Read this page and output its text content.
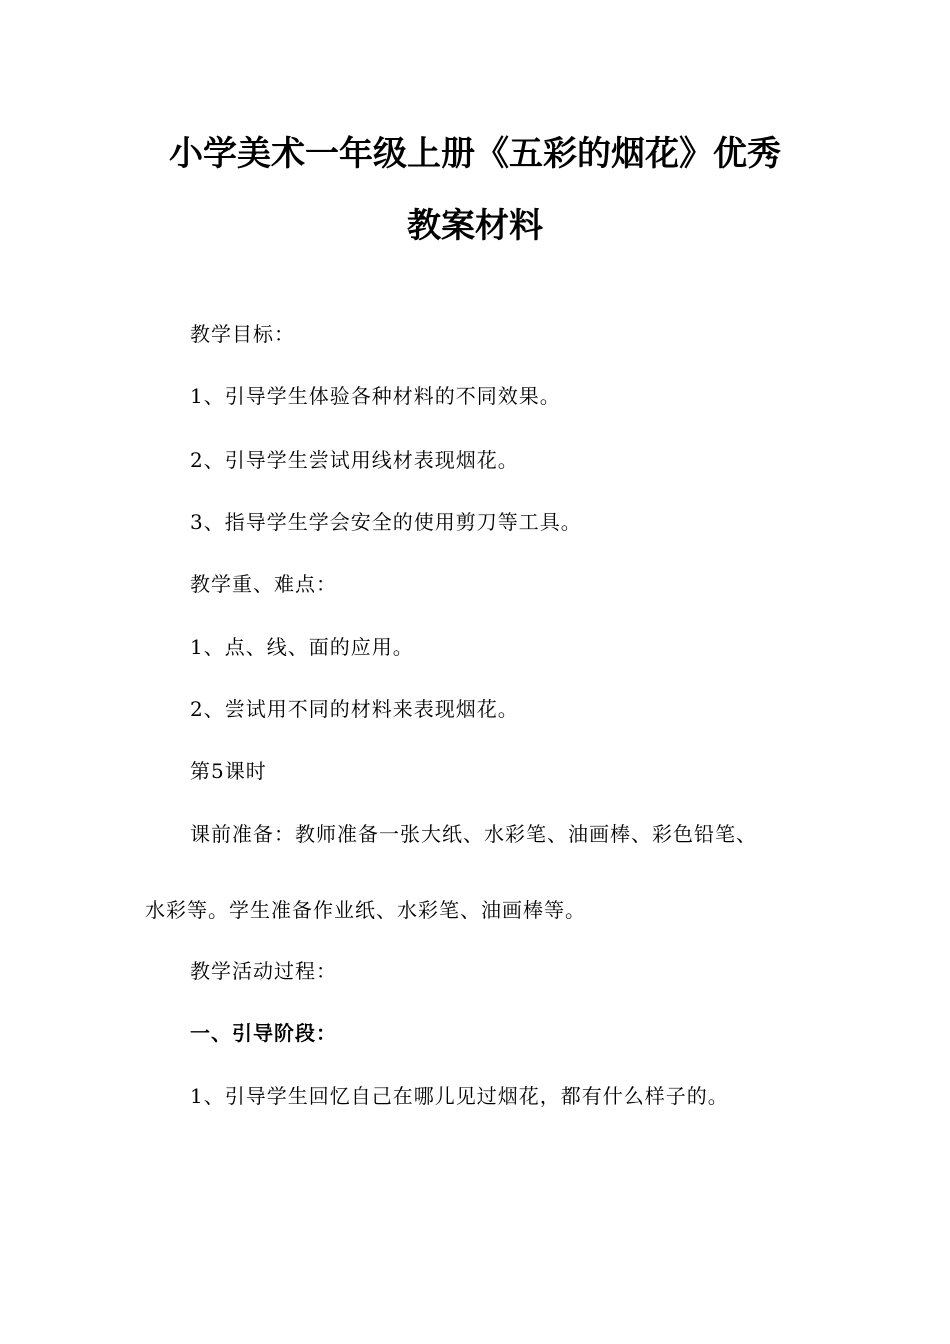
小学美术一年级上册《五彩的烟花》优秀
教案材料
教学目标：
1、引导学生体验各种材料的不同效果。
2、引导学生尝试用线材表现烟花。
3、指导学生学会安全的使用剪刀等工具。
教学重、难点：
1、点、线、面的应用。
2、尝试用不同的材料来表现烟花。
第5课时
课前准备：教师准备一张大纸、水彩笔、油画棒、彩色铅笔、
水彩等。学生准备作业纸、水彩笔、油画棒等。
教学活动过程：
一、引导阶段：
1、引导学生回忆自己在哪儿见过烟花，都有什么样子的。
